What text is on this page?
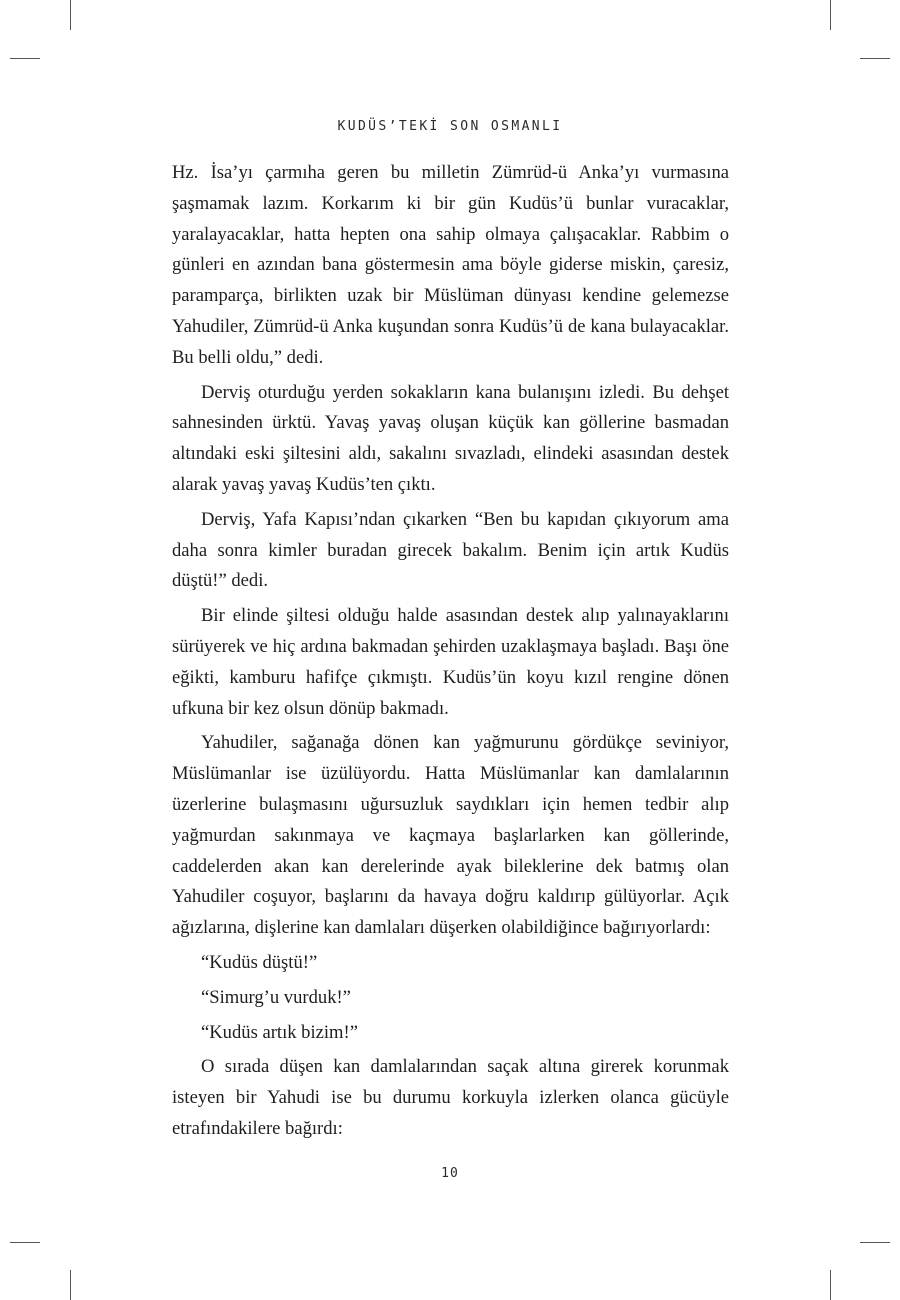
KUDÜS’TEKİ SON OSMANLI

Hz. İsa’yı çarmıha geren bu milletin Zümrüd-ü Anka’yı vurmasına şaşmamak lazım. Korkarım ki bir gün Kudüs’ü bunlar vuracaklar, yaralayacaklar, hatta hepten ona sahip olmaya çalışacaklar. Rabbim o günleri en azından bana göstermesin ama böyle giderse miskin, çaresiz, paramparça, birlikten uzak bir Müslüman dünyası kendine gelemezse Yahudiler, Zümrüd-ü Anka kuşundan sonra Kudüs’ü de kana bulayacaklar. Bu belli oldu,” dedi.

Derviş oturduğu yerden sokakların kana bulanışını izledi. Bu dehşet sahnesinden ürktü. Yavaş yavaş oluşan küçük kan göllerine basmadan altındaki eski şiltesini aldı, sakalını sıvazladı, elindeki asasından destek alarak yavaş yavaş Kudüs’ten çıktı.

Derviş, Yafa Kapısı’ndan çıkarken “Ben bu kapıdan çıkıyorum ama daha sonra kimler buradan girecek bakalım. Benim için artık Kudüs düştü!” dedi.

Bir elinde şiltesi olduğu halde asasından destek alıp yalınayaklarını sürüyerek ve hiç ardına bakmadan şehirden uzaklaşmaya başladı. Başı öne eğikti, kamburu hafifçe çıkmıştı. Kudüs’ün koyu kızıl rengine dönen ufkuna bir kez olsun dönüp bakmadı.

Yahudiler, sağanağa dönen kan yağmurunu gördükçe seviniyor, Müslümanlar ise üzülüyordu. Hatta Müslümanlar kan damlalarının üzerlerine bulaşmasını uğursuzluk saydıkları için hemen tedbir alıp yağmurdan sakınmaya ve kaçmaya başlarlarken kan göllerinde, caddelerden akan kan derelerinde ayak bileklerine dek batmış olan Yahudiler coşuyor, başlarını da havaya doğru kaldırıp gülüyorlar. Açık ağızlarına, dişlerine kan damlaları düşerken olabildiğince bağırıyorlardı:

“Kudüs düştü!”

“Simurg’u vurduk!”

“Kudüs artık bizim!”

O sırada düşen kan damlalarından saçak altına girerek korunmak isteyen bir Yahudi ise bu durumu korkuyla izlerken olanca gücüyle etrafındakilere bağırdı:

10
